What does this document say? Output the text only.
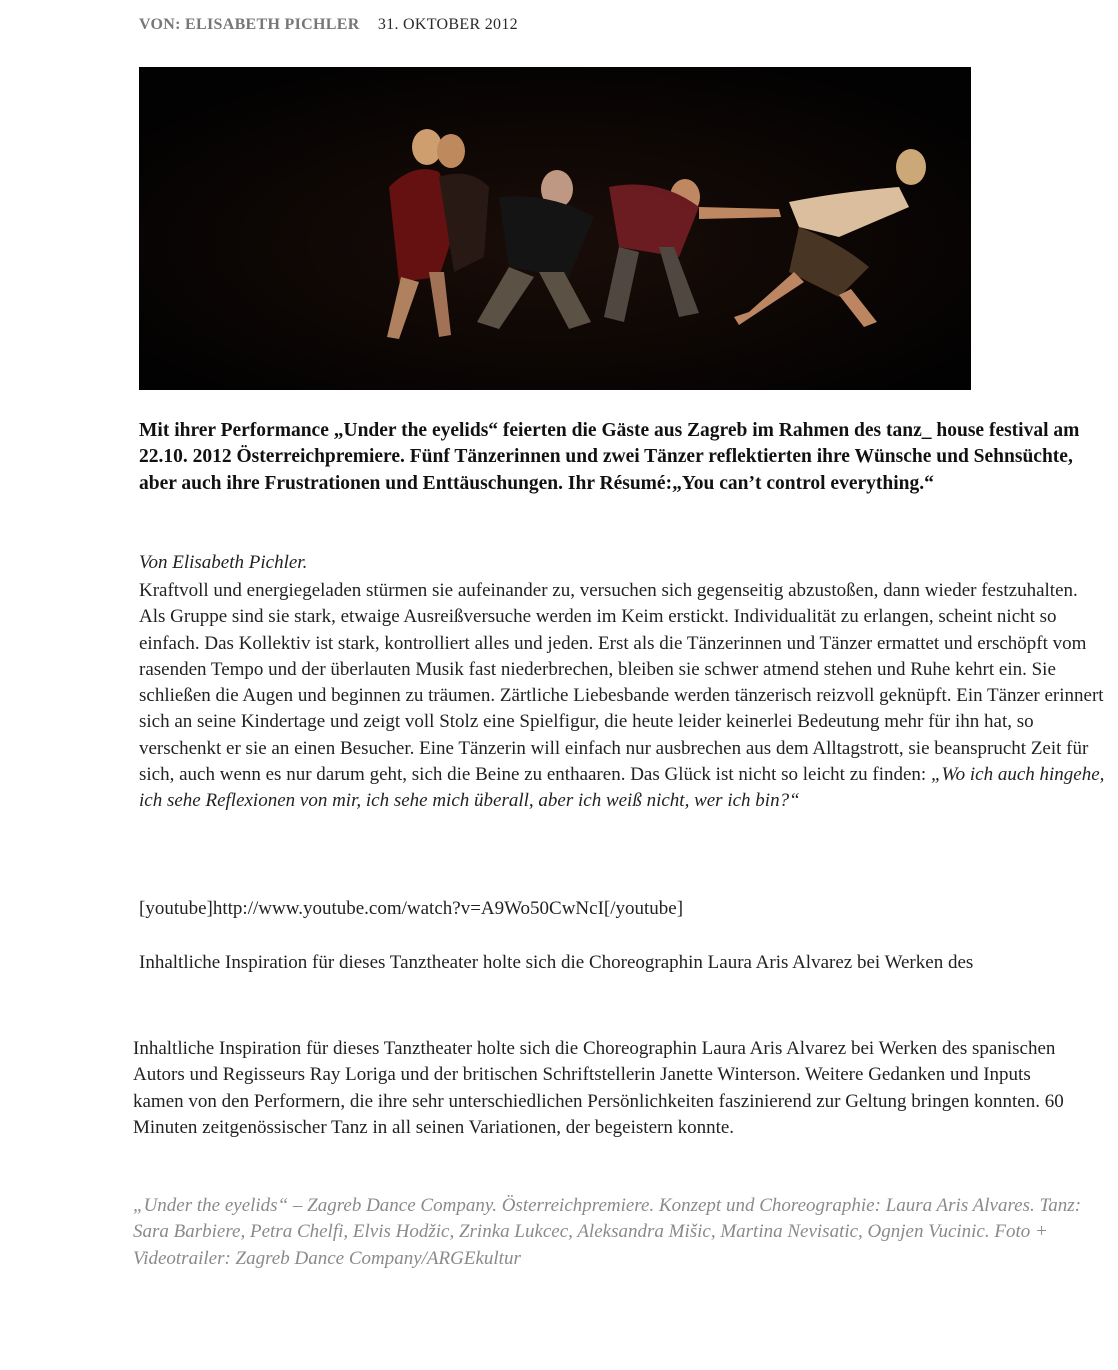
VON: ELISABETH PICHLER 31. OKTOBER 2012

Mit ihrer Performance „Under the eyelids“ feierten die Gäste aus Zagreb im Rahmen des tanz_ house festival am 22.10. 2012 Österreichpremiere. Fünf Tänzerinnen und zwei Tänzer reflektierten ihre Wünsche und Sehnsüchte, aber auch ihre Frustrationen und Enttäuschungen. Ihr Résumé:„You can’t control everything.“

Von Elisabeth Pichler.

Kraftvoll und energiegeladen stürmen sie aufeinander zu, versuchen sich gegenseitig abzustoßen, dann wieder festzuhalten. Als Gruppe sind sie stark, etwaige Ausreißversuche werden im Keim erstickt. Individualität zu erlangen, scheint nicht so einfach. Das Kollektiv ist stark, kontrolliert alles und jeden. Erst als die Tänzerinnen und Tänzer ermattet und erschöpft vom rasenden Tempo und der überlauten Musik fast niederbrechen, bleiben sie schwer atmend stehen und Ruhe kehrt ein. Sie schließen die Augen und beginnen zu träumen. Zärtliche Liebesbande werden tänzerisch reizvoll geknüpft. Ein Tänzer erinnert sich an seine Kindertage und zeigt voll Stolz eine Spielfigur, die heute leider keinerlei Bedeutung mehr für ihn hat, so verschenkt er sie an einen Besucher. Eine Tänzerin will einfach nur ausbrechen aus dem Alltagstrott, sie beansprucht Zeit für sich, auch wenn es nur darum geht, sich die Beine zu enthaaren. Das Glück ist nicht so leicht zu finden: „Wo ich auch hingehe, ich sehe Reflexionen von mir, ich sehe mich überall, aber ich weiß nicht, wer ich bin?“

[youtube]http://www.youtube.com/watch?v=A9Wo50CwNcI[/youtube]

Inhaltliche Inspiration für dieses Tanztheater holte sich die Choreographin Laura Aris Alvarez bei Werken des

Inhaltliche Inspiration für dieses Tanztheater holte sich die Choreographin Laura Aris Alvarez bei Werken des spanischen Autors und Regisseurs Ray Loriga und der britischen Schriftstellerin Janette Winterson. Weitere Gedanken und Inputs kamen von den Performern, die ihre sehr unterschiedlichen Persönlichkeiten faszinierend zur Geltung bringen konnten. 60 Minuten zeitgenössischer Tanz in all seinen Variationen, der begeistern konnte.

„Under the eyelids“ – Zagreb Dance Company. Österreichpremiere. Konzept und Choreographie: Laura Aris Alvares. Tanz: Sara Barbiere, Petra Chelfi, Elvis Hodžic, Zrinka Lukcec, Aleksandra Mišic, Martina Nevisatic, Ognjen Vucinic. Foto + Videotrailer: Zagreb Dance Company/ARGEkultur
